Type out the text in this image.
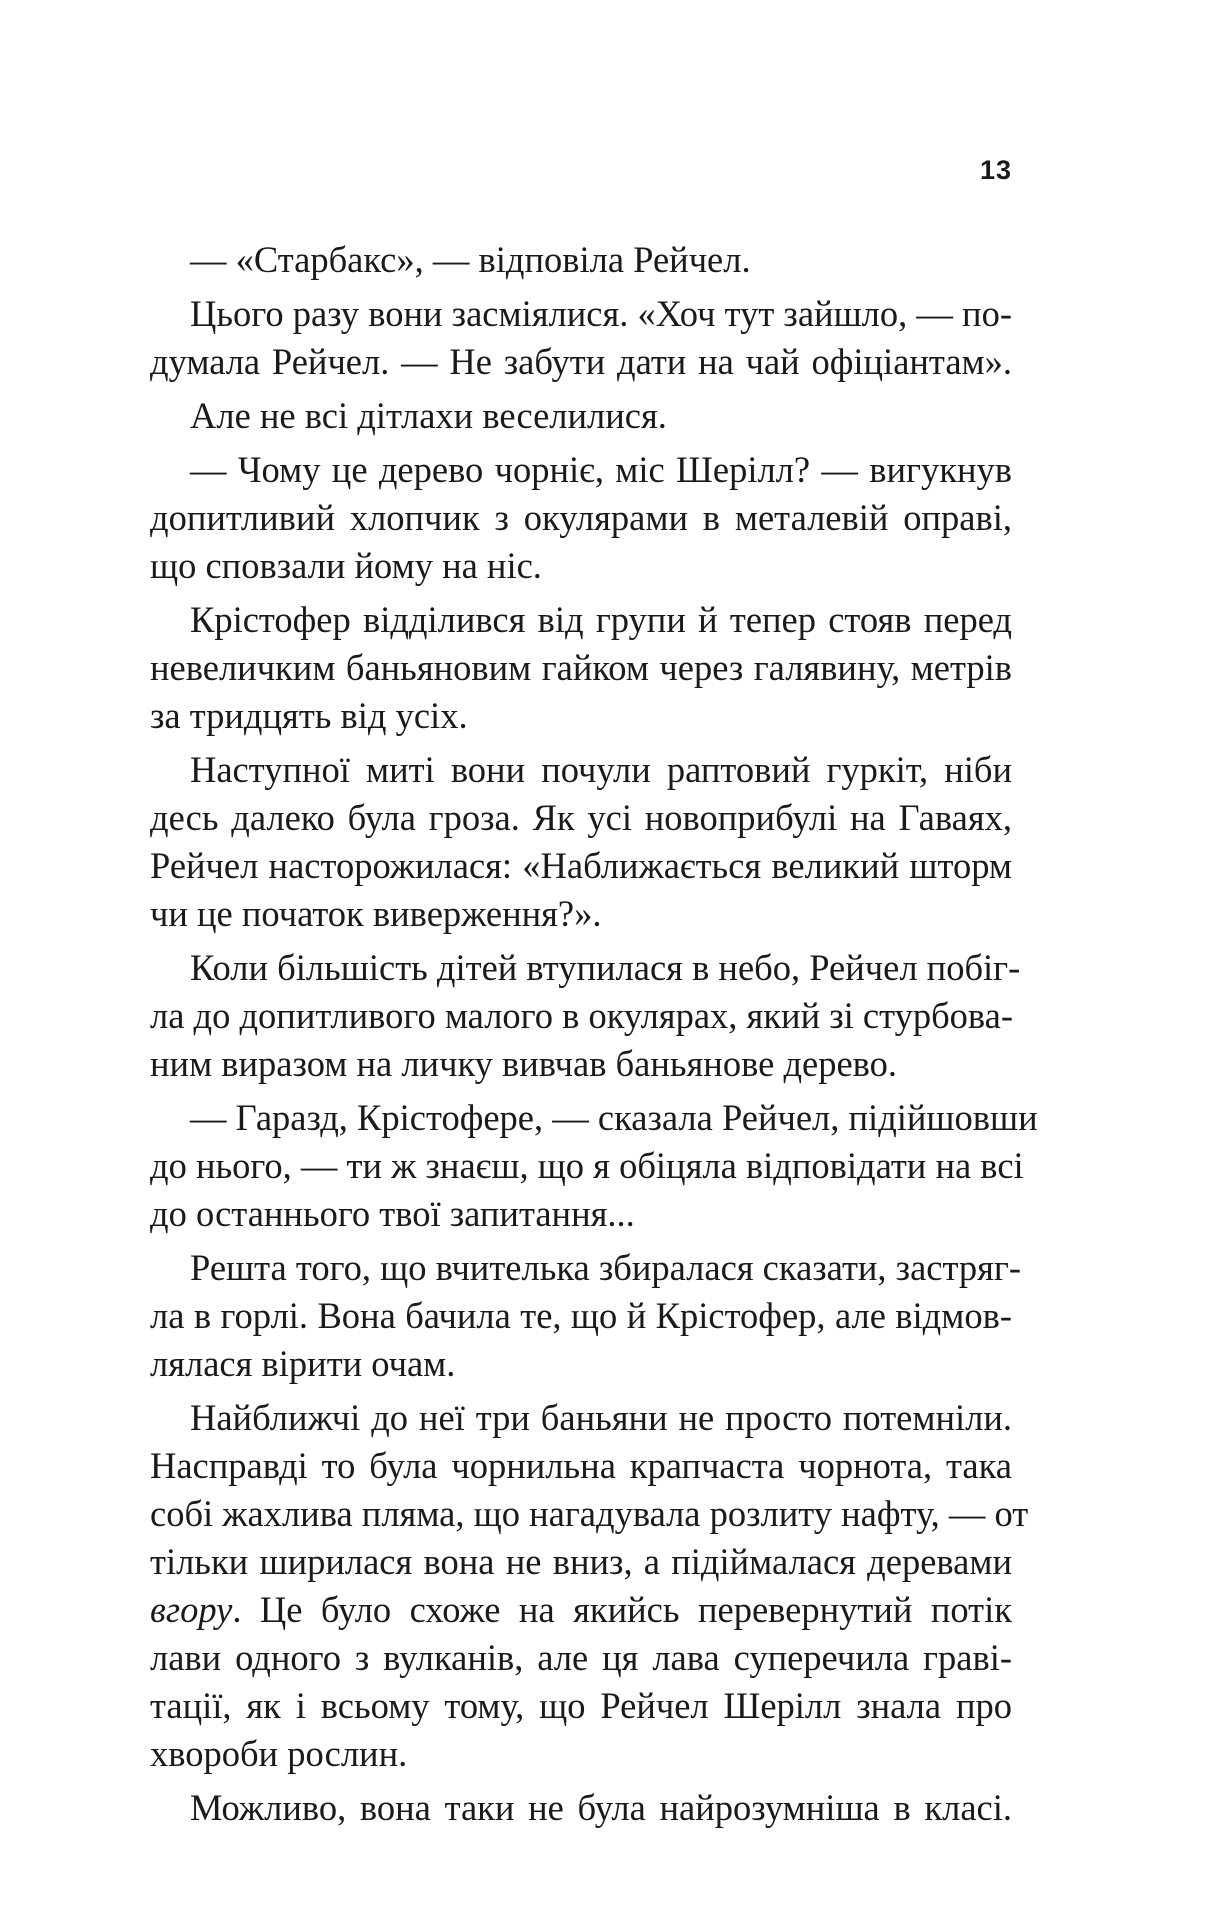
13
— «Старбакс», — відповіла Рейчел.
Цього разу вони засміялися. «Хоч тут зайшло, — по-
думала Рейчел. — Не забути дати на чай офіціантам».
Але не всі дітлахи веселилися.
— Чому це дерево чорніє, міс Шерілл? — вигукнув
допитливий хлопчик з окулярами в металевій оправі,
що сповзали йому на ніс.
Крістофер відділився від групи й тепер стояв перед
невеличким баньяновим гайком через галявину, метрів
за тридцять від усіх.
Наступної миті вони почули раптовий гуркіт, ніби
десь далеко була гроза. Як усі новоприбулі на Гаваях,
Рейчел насторожилася: «Наближається великий шторм
чи це початок виверження?».
Коли більшість дітей втупилася в небо, Рейчел побіг-
ла до допитливого малого в окулярах, який зі стурбова-
ним виразом на личку вивчав баньянове дерево.
— Гаразд, Крістофере, — сказала Рейчел, підійшовши
до нього, — ти ж знаєш, що я обіцяла відповідати на всі
до останнього твої запитання...
Решта того, що вчителька збиралася сказати, застряг-
ла в горлі. Вона бачила те, що й Крістофер, але відмов-
лялася вірити очам.
Найближчі до неї три баньяни не просто потемніли.
Насправді то була чорнильна крапчаста чорнота, така
собі жахлива пляма, що нагадувала розлиту нафту, — от
тільки ширилася вона не вниз, а підіймалася деревами
вгору. Це було схоже на якийсь перевернутий потік
лави одного з вулканів, але ця лава суперечила граві-
тації, як і всьому тому, що Рейчел Шерілл знала про
хвороби рослин.
Можливо, вона таки не була найрозумніша в класі.
